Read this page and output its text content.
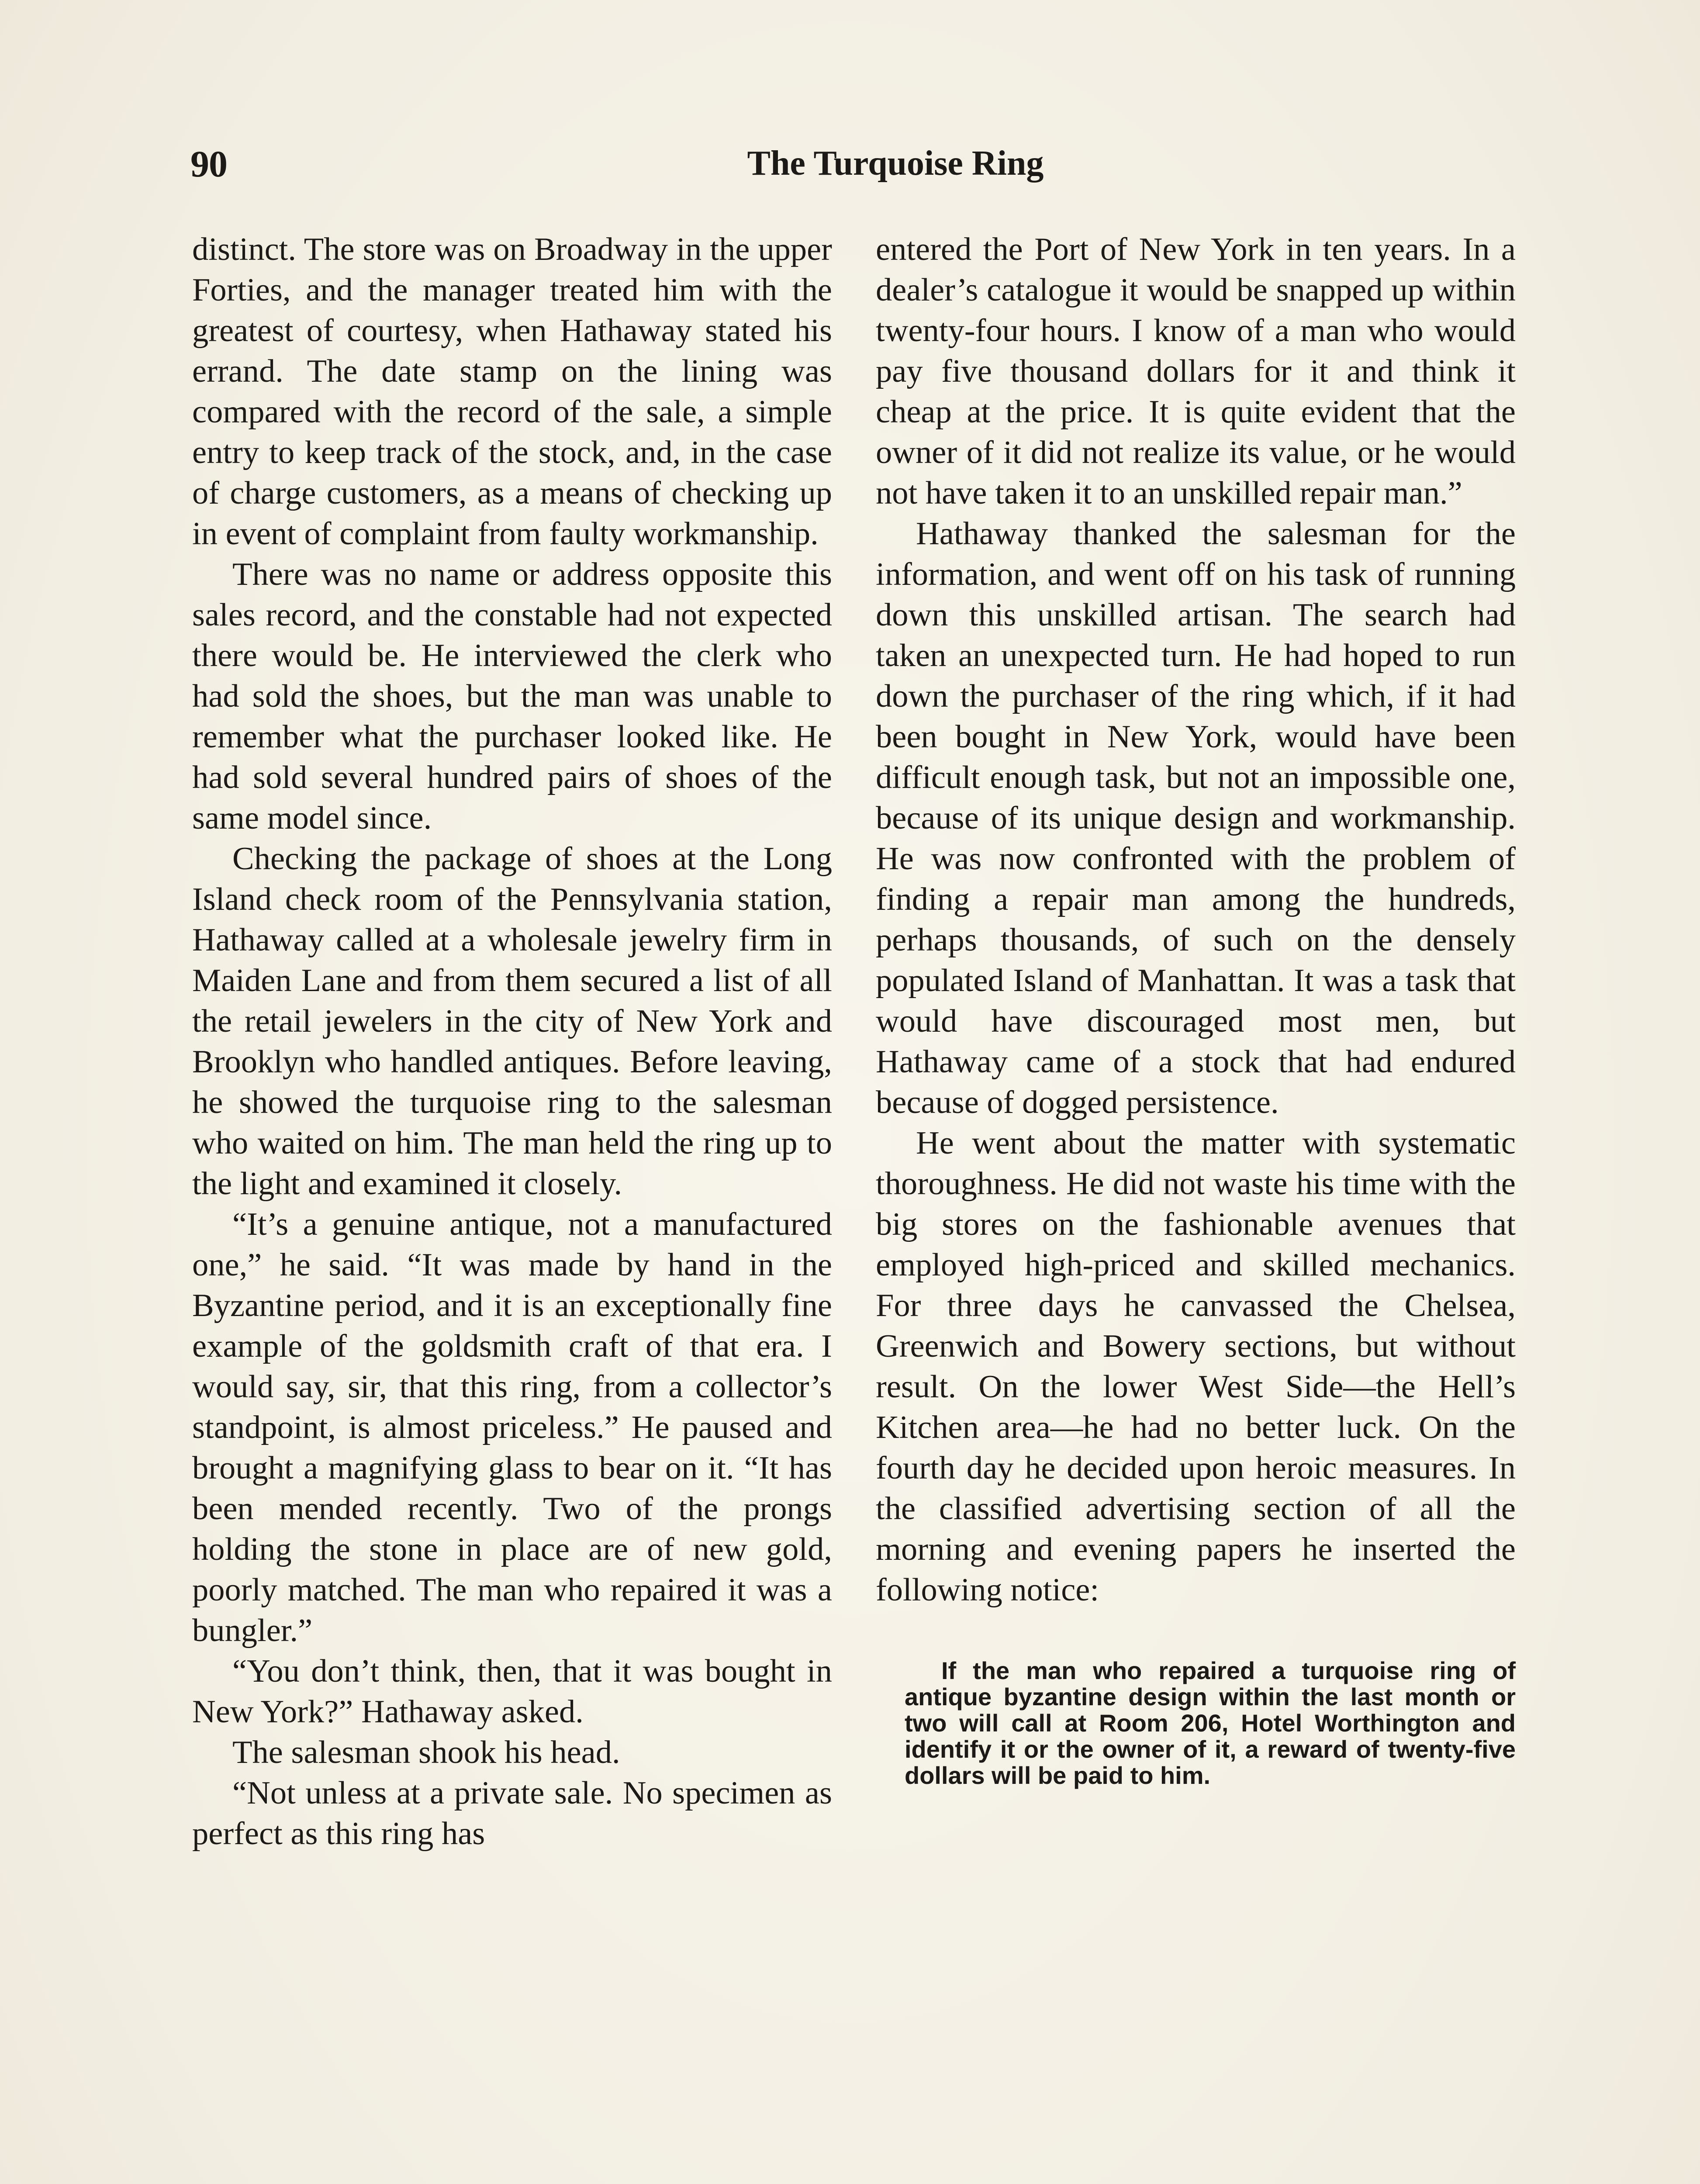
90	The Turquoise Ring

distinct. The store was on Broadway in the upper Forties, and the manager treated him with the greatest of courtesy, when Hathaway stated his errand. The date stamp on the lining was compared with the record of the sale, a simple entry to keep track of the stock, and, in the case of charge customers, as a means of checking up in event of complaint from faulty workmanship.

There was no name or address opposite this sales record, and the constable had not expected there would be. He interviewed the clerk who had sold the shoes, but the man was unable to remember what the purchaser looked like. He had sold several hundred pairs of shoes of the same model since.

Checking the package of shoes at the Long Island check room of the Pennsylvania station, Hathaway called at a wholesale jewelry firm in Maiden Lane and from them secured a list of all the retail jewelers in the city of New York and Brooklyn who handled antiques. Before leaving, he showed the turquoise ring to the salesman who waited on him. The man held the ring up to the light and examined it closely.

“It’s a genuine antique, not a manufactured one,” he said. “It was made by hand in the Byzantine period, and it is an exceptionally fine example of the goldsmith craft of that era. I would say, sir, that this ring, from a collector’s standpoint, is almost priceless.” He paused and brought a magnifying glass to bear on it. “It has been mended recently. Two of the prongs holding the stone in place are of new gold, poorly matched. The man who repaired it was a bungler.”

“You don’t think, then, that it was bought in New York?” Hathaway asked.

The salesman shook his head.

“Not unless at a private sale. No specimen as perfect as this ring has

entered the Port of New York in ten years. In a dealer’s catalogue it would be snapped up within twenty-four hours. I know of a man who would pay five thousand dollars for it and think it cheap at the price. It is quite evident that the owner of it did not realize its value, or he would not have taken it to an unskilled repair man.”

Hathaway thanked the salesman for the information, and went off on his task of running down this unskilled artisan. The search had taken an unexpected turn. He had hoped to run down the purchaser of the ring which, if it had been bought in New York, would have been difficult enough task, but not an impossible one, because of its unique design and workmanship. He was now confronted with the problem of finding a repair man among the hundreds, perhaps thousands, of such on the densely populated Island of Manhattan. It was a task that would have discouraged most men, but Hathaway came of a stock that had endured because of dogged persistence.

He went about the matter with systematic thoroughness. He did not waste his time with the big stores on the fashionable avenues that employed high-priced and skilled mechanics. For three days he canvassed the Chelsea, Greenwich and Bowery sections, but without result. On the lower West Side—the Hell’s Kitchen area—he had no better luck. On the fourth day he decided upon heroic measures. In the classified advertising section of all the morning and evening papers he inserted the following notice:

If the man who repaired a turquoise ring of antique byzantine design within the last month or two will call at Room 206, Hotel Worthington and identify it or the owner of it, a reward of twenty-five dollars will be paid to him.
